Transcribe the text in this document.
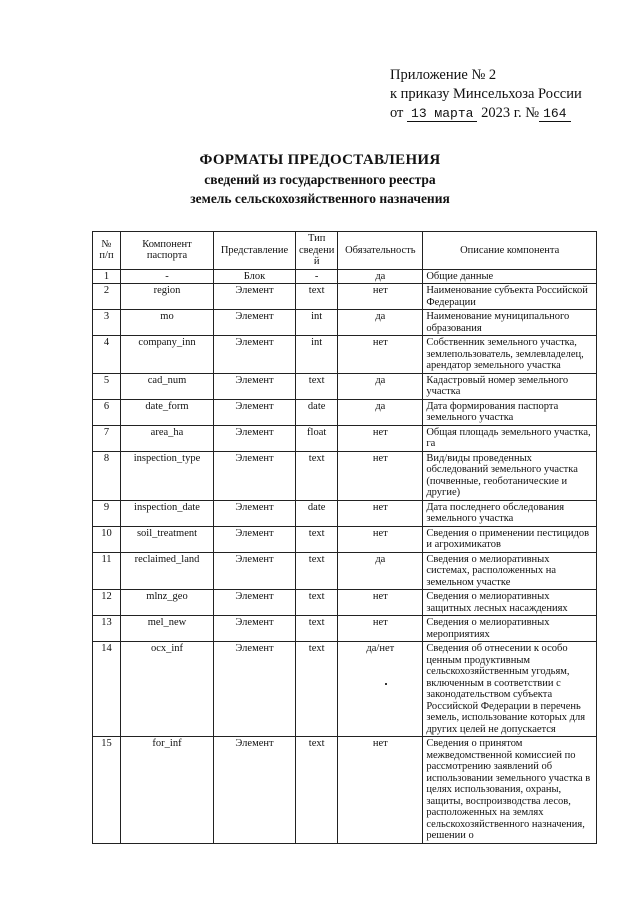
Приложение № 2
к приказу Минсельхоза России
от 13 марта 2023 г. № 164
ФОРМАТЫ ПРЕДОСТАВЛЕНИЯ
сведений из государственного реестра
земель сельскохозяйственного назначения
№ п/п	Компонент паспорта	Представление	Тип сведени й	Обязательность	Описание компонента
1	-	Блок	-	да	Общие данные
2	region	Элемент	text	нет	Наименование субъекта Российской Федерации
3	mo	Элемент	int	да	Наименование муниципального образования
4	company_inn	Элемент	int	нет	Собственник земельного участка, землепользователь, землевладелец, арендатор земельного участка
5	cad_num	Элемент	text	да	Кадастровый номер земельного участка
6	date_form	Элемент	date	да	Дата формирования паспорта земельного участка
7	area_ha	Элемент	float	нет	Общая площадь земельного участка, га
8	inspection_type	Элемент	text	нет	Вид/виды проведенных обследований земельного участка (почвенные, геоботанические и другие)
9	inspection_date	Элемент	date	нет	Дата последнего обследования земельного участка
10	soil_treatment	Элемент	text	нет	Сведения о применении пестицидов и агрохимикатов
11	reclaimed_land	Элемент	text	да	Сведения о мелиоративных системах, расположенных на земельном участке
12	mlnz_geo	Элемент	text	нет	Сведения о мелиоративных защитных лесных насаждениях
13	mel_new	Элемент	text	нет	Сведения о мелиоративных мероприятиях
14	ocx_inf	Элемент	text	да/нет	Сведения об отнесении к особо ценным продуктивным сельскохозяйственным угодьям, включенным в соответствии с законодательством субъекта Российской Федерации в перечень земель, использование которых для других целей не допускается
15	for_inf	Элемент	text	нет	Сведения о принятом межведомственной комиссией по рассмотрению заявлений об использовании земельного участка в целях использования, охраны, защиты, воспроизводства лесов, расположенных на землях сельскохозяйственного назначения, решении о
